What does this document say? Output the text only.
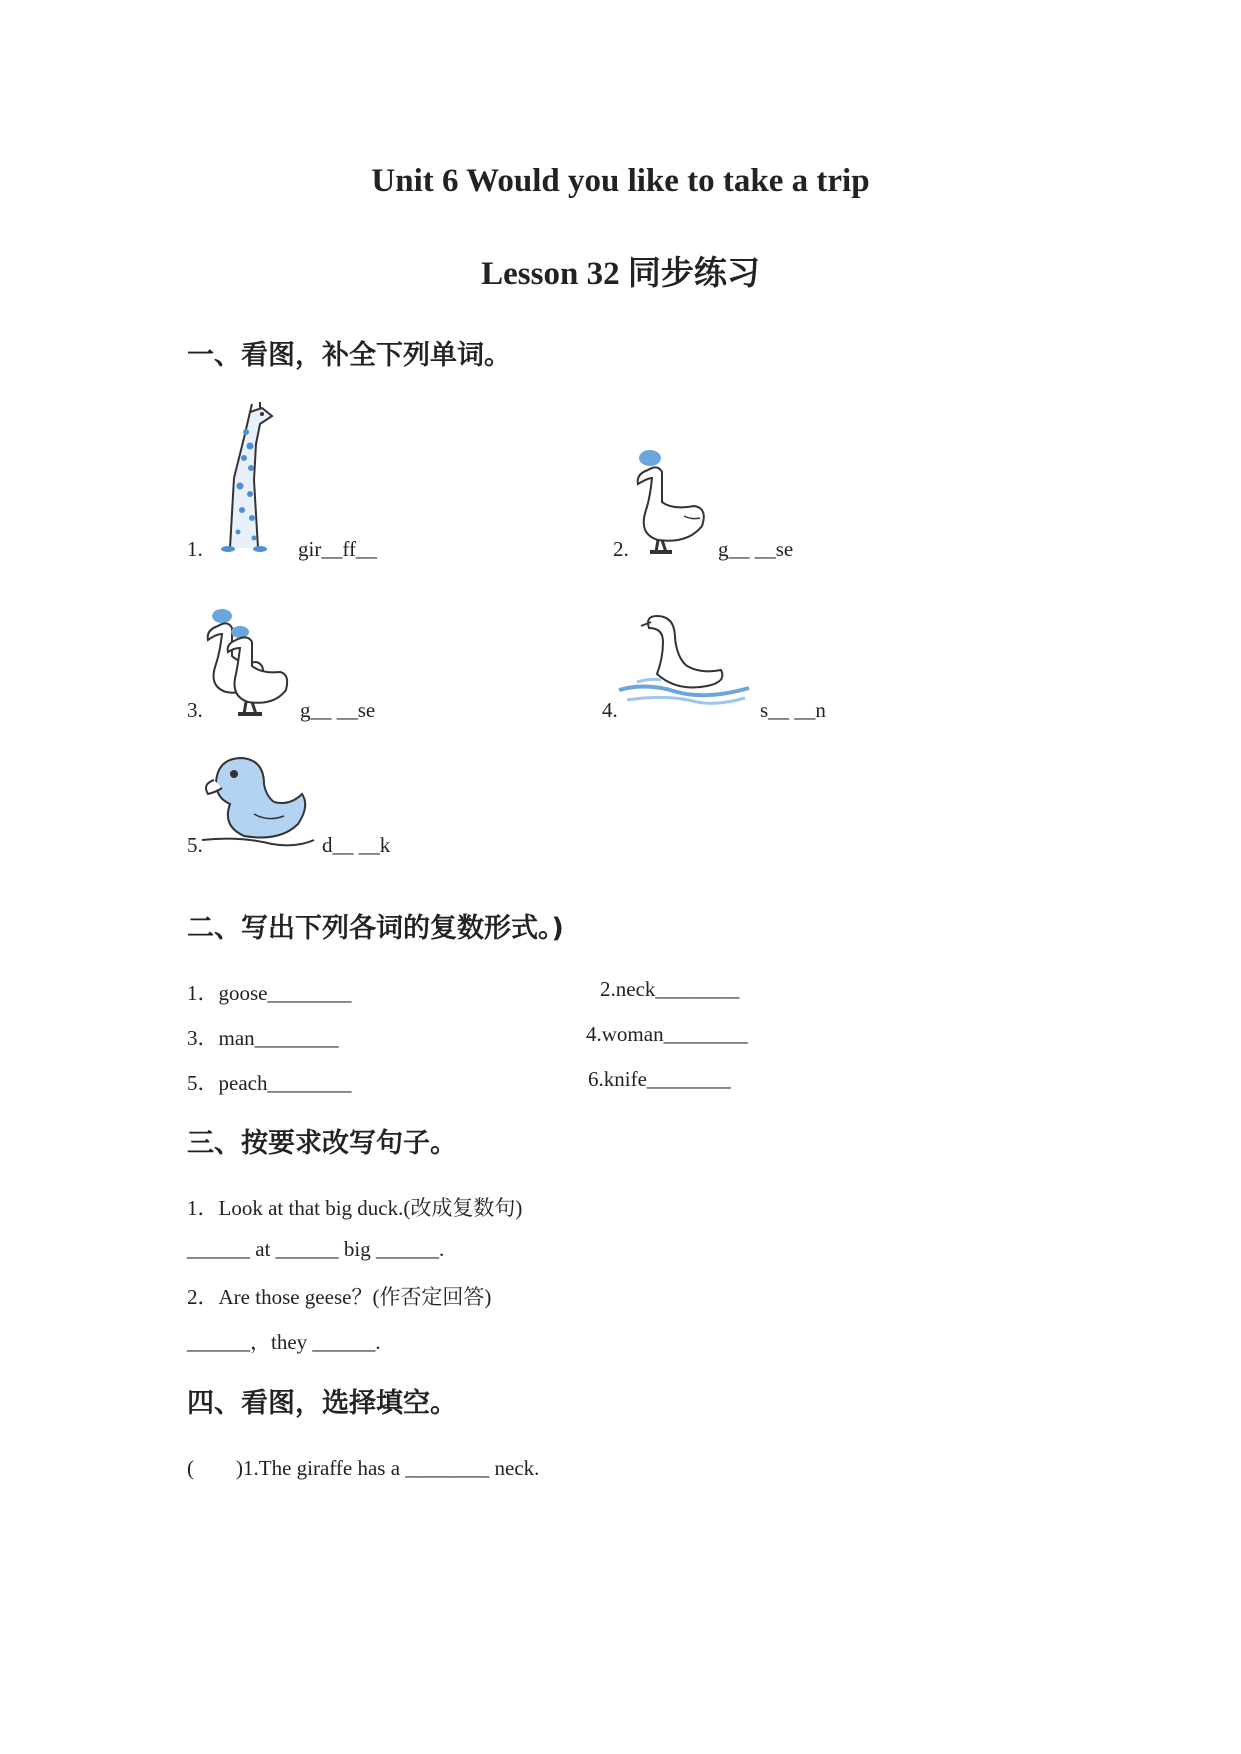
Unit 6 Would you like to take a trip
Lesson 32 同步练习
一、看图，补全下列单词。
1.	gir__ff__	2.	g__ __se
3.	g__ __se	4.	s__ __n
5.	d__ __k
二、写出下列各词的复数形式。)
1．goose________	2.neck________
3．man________	4.woman________
5．peach________	6.knife________
三、按要求改写句子。
1．Look at that big duck.(改成复数句)
______ at ______ big ______.
2．Are those geese？(作否定回答)
______，they ______.
四、看图，选择填空。
(　　)1.The giraffe has a ________ neck.
